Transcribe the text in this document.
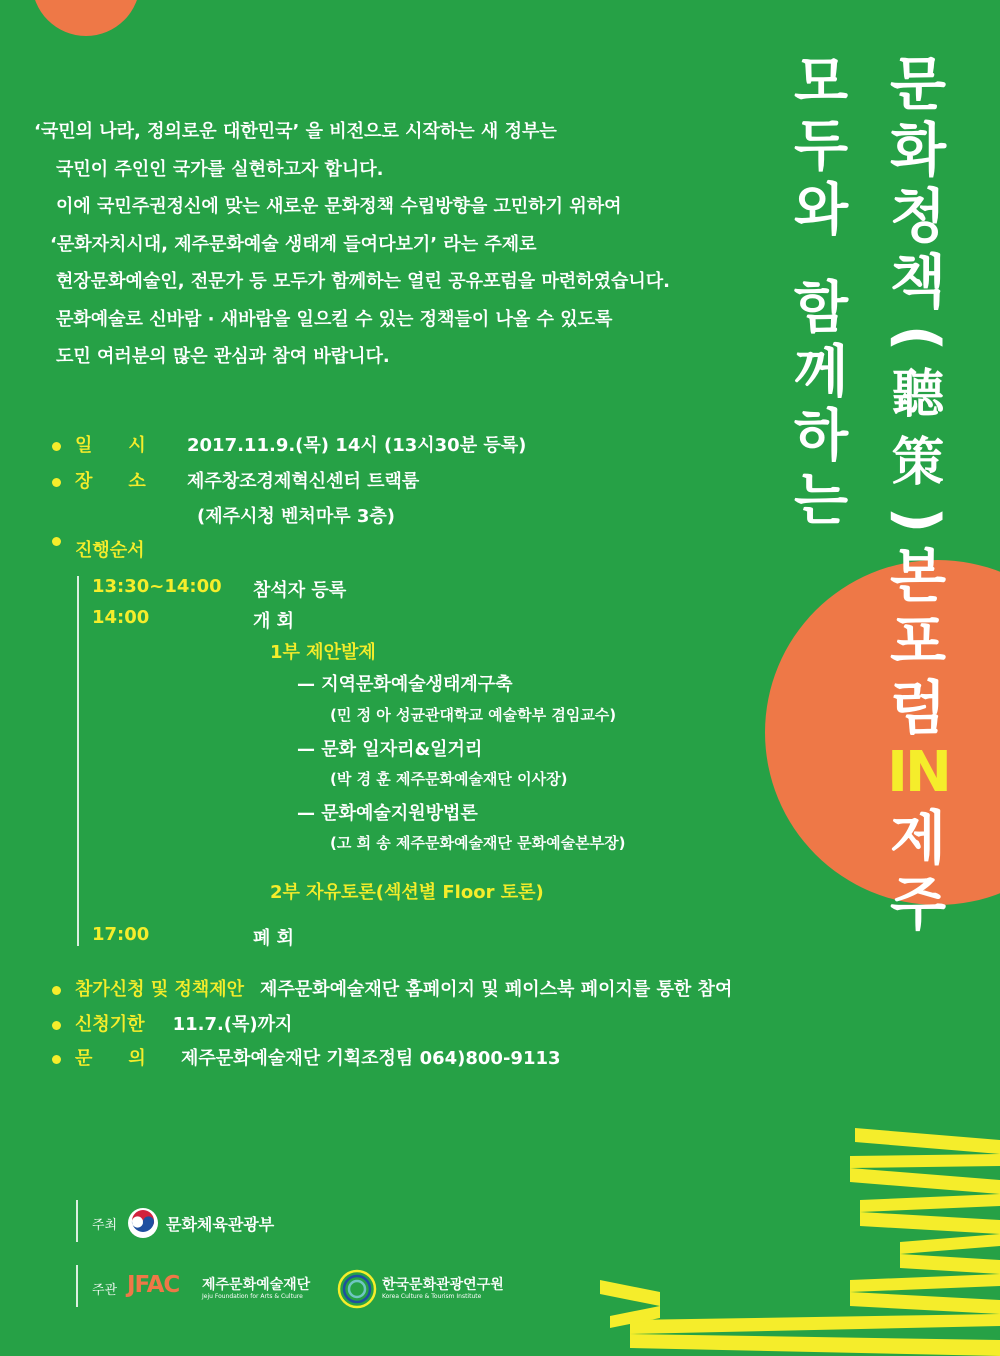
문
화
청
책
(
聽
策
)
본
포
럼
IN
제
주
모
두
와
함
께
하
는

‘국민의 나라, 정의로운 대한민국’ 을 비전으로 시작하는 새 정부는

국민이 주인인 국가를 실현하고자 합니다.

이에 국민주권정신에 맞는 새로운 문화정책 수립방향을 고민하기 위하여

‘문화자치시대, 제주문화예술 생태계 들여다보기’ 라는 주제로

현장문화예술인, 전문가 등 모두가 함께하는 열린 공유포럼을 마련하였습니다.

문화예술로 신바람 · 새바람을 일으킬 수 있는 정책들이 나올 수 있도록

도민 여러분의 많은 관심과 참여 바랍니다.

일　　시 2017.11.9.(목) 14시 (13시30분 등록)
장　　소 제주창조경제혁신센터 트랙룸
(제주시청 벤처마루 3층)
진행순서
13:30~14:00 참석자 등록
14:00	개 회
1부 제안발제
— 지역문화예술생태계구축
(민 정 아 성균관대학교 예술학부 겸임교수)
— 문화 일자리&일거리
(박 경 훈 제주문화예술재단 이사장)
— 문화예술지원방법론
(고 희 송 제주문화예술재단 문화예술본부장)
2부 자유토론(섹션별 Floor 토론)
17:00	폐 회
참가신청 및 정책제안 제주문화예술재단 홈페이지 및 페이스북 페이지를 통한 참여
신청기한 11.7.(목)까지
문　　의 제주문화예술재단 기획조정팀 064)800-9113
주최	문화체육관광부
주관 JFAC 제주문화예술재단
Jeju Foundation for Arts & Culture
한국문화관광연구원
Korea Culture & Tourism Institute
